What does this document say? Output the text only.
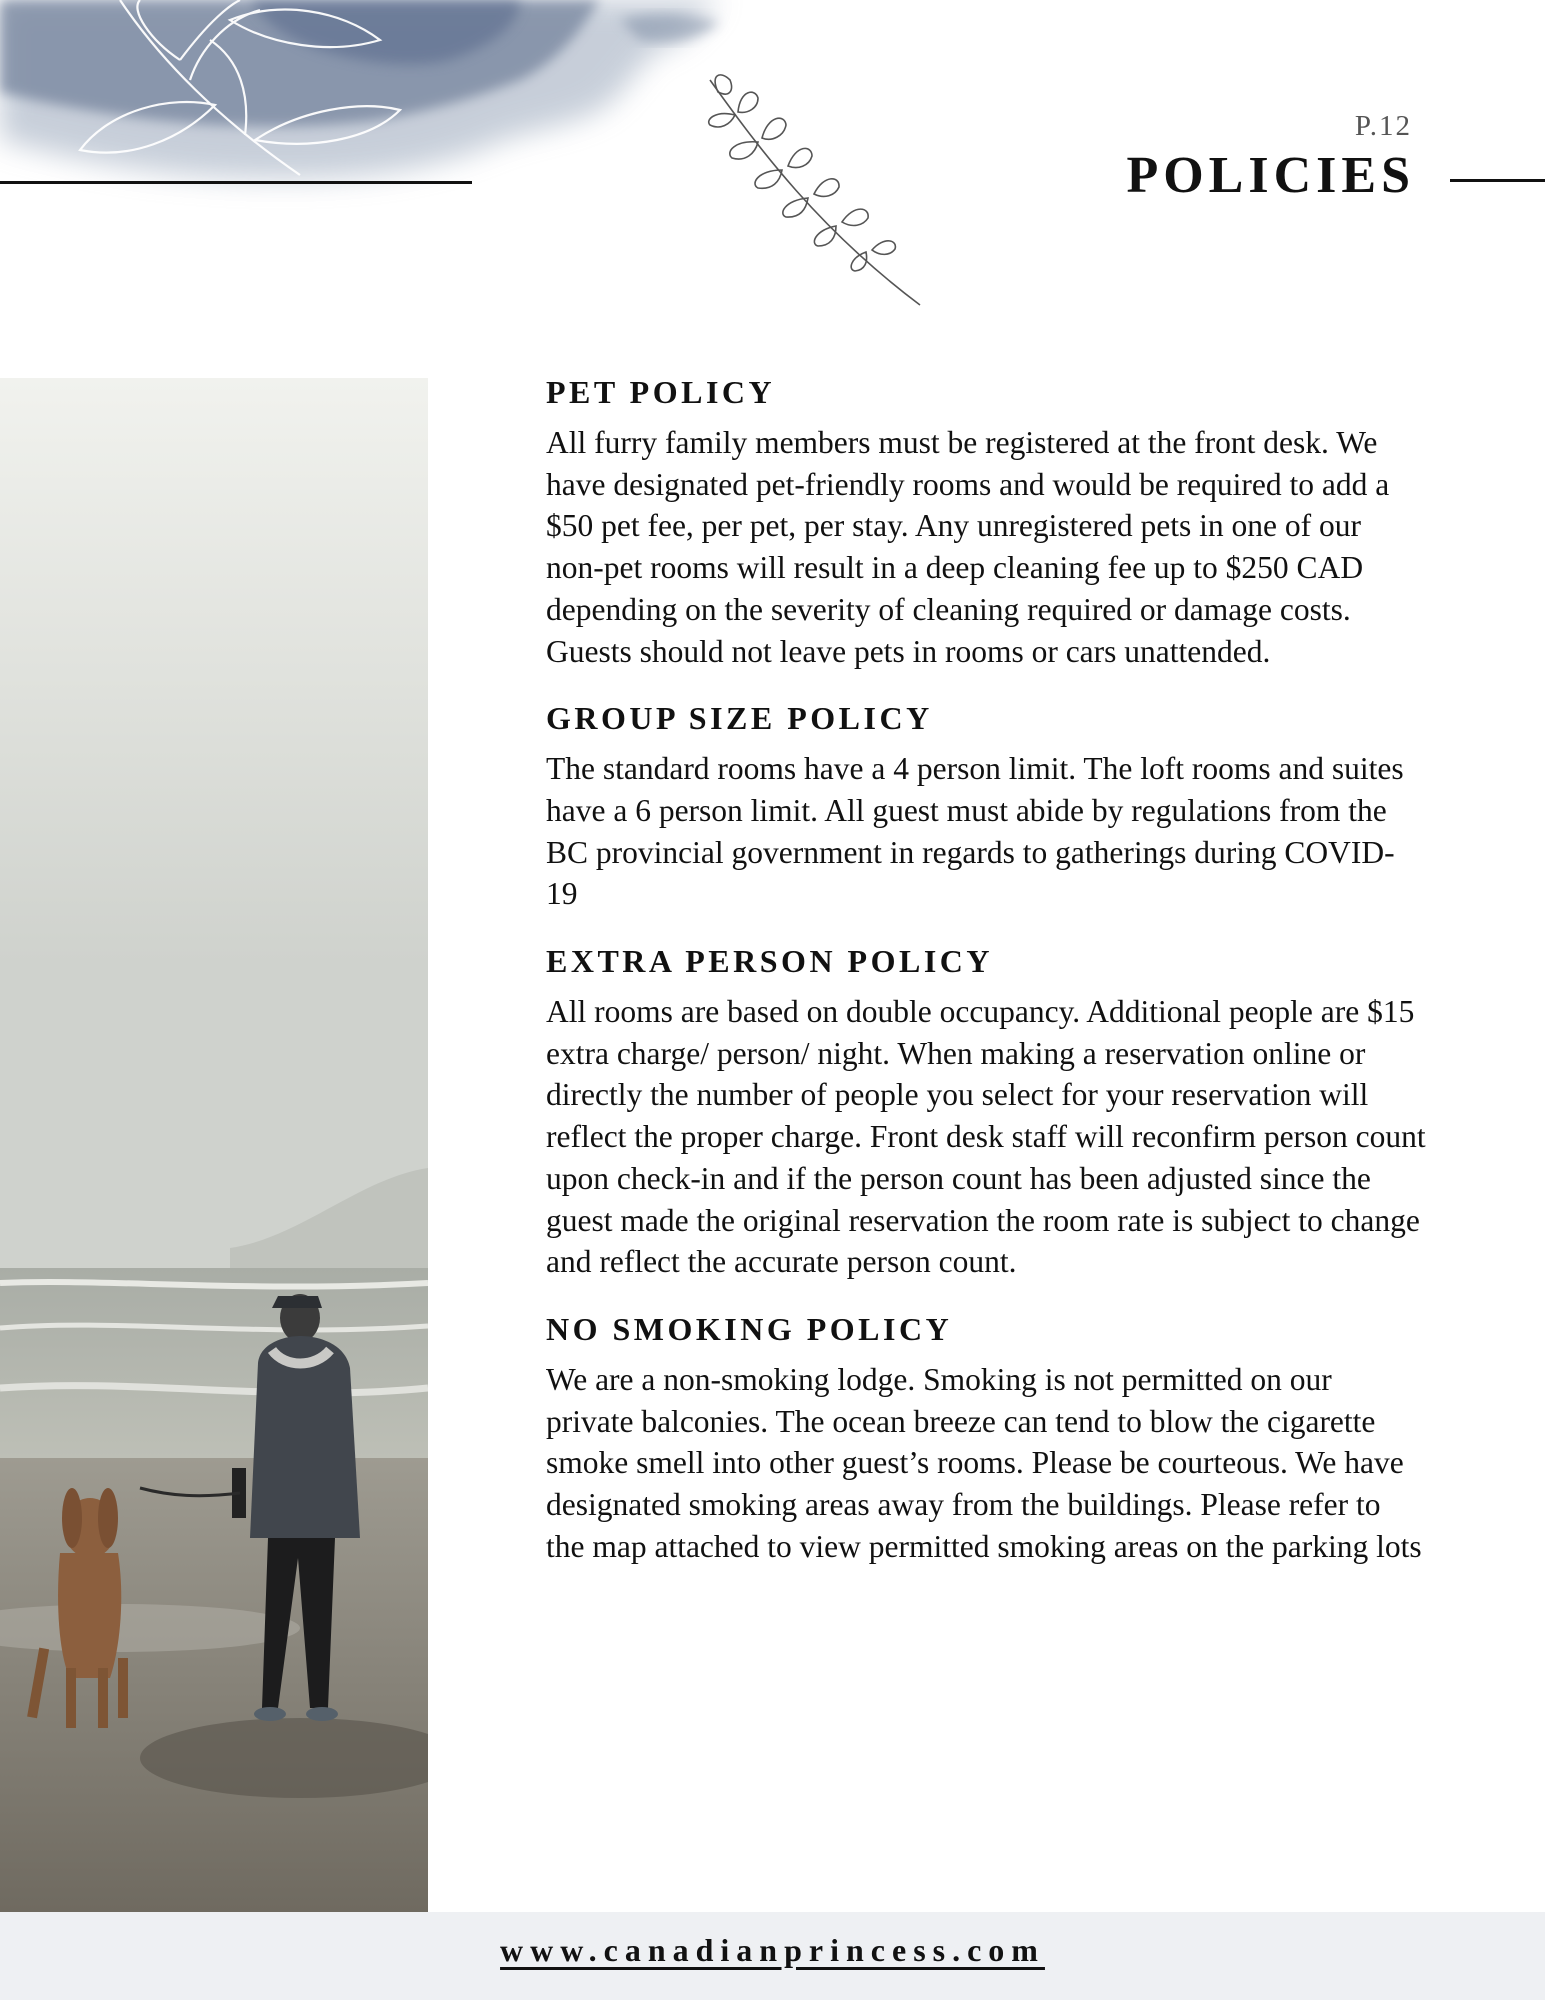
P.12
POLICIES
PET POLICY

All furry family members must be registered at the front desk. We have designated pet-friendly rooms and would be required to add a $50 pet fee, per pet, per stay. Any unregistered pets in one of our non-pet rooms will result in a deep cleaning fee up to $250 CAD depending on the severity of cleaning required or damage costs. Guests should not leave pets in rooms or cars unattended.

GROUP SIZE POLICY

The standard rooms have a 4 person limit. The loft rooms and suites have a 6 person limit. All guest must abide by regulations from the BC provincial government in regards to gatherings during COVID-19

EXTRA PERSON POLICY

All rooms are based on double occupancy. Additional people are $15 extra charge/ person/ night. When making a reservation online or directly the number of people you select for your reservation will reflect the proper charge. Front desk staff will reconfirm person count upon check-in and if the person count has been adjusted since the guest made the original reservation the room rate is subject to change and reflect the accurate person count.

NO SMOKING POLICY

We are a non-smoking lodge. Smoking is not permitted on our private balconies. The ocean breeze can tend to blow the cigarette smoke smell into other guest’s rooms. Please be courteous. We have designated smoking areas away from the buildings. Please refer to the map attached to view permitted smoking areas on the parking lots

www.canadianprincess.com
